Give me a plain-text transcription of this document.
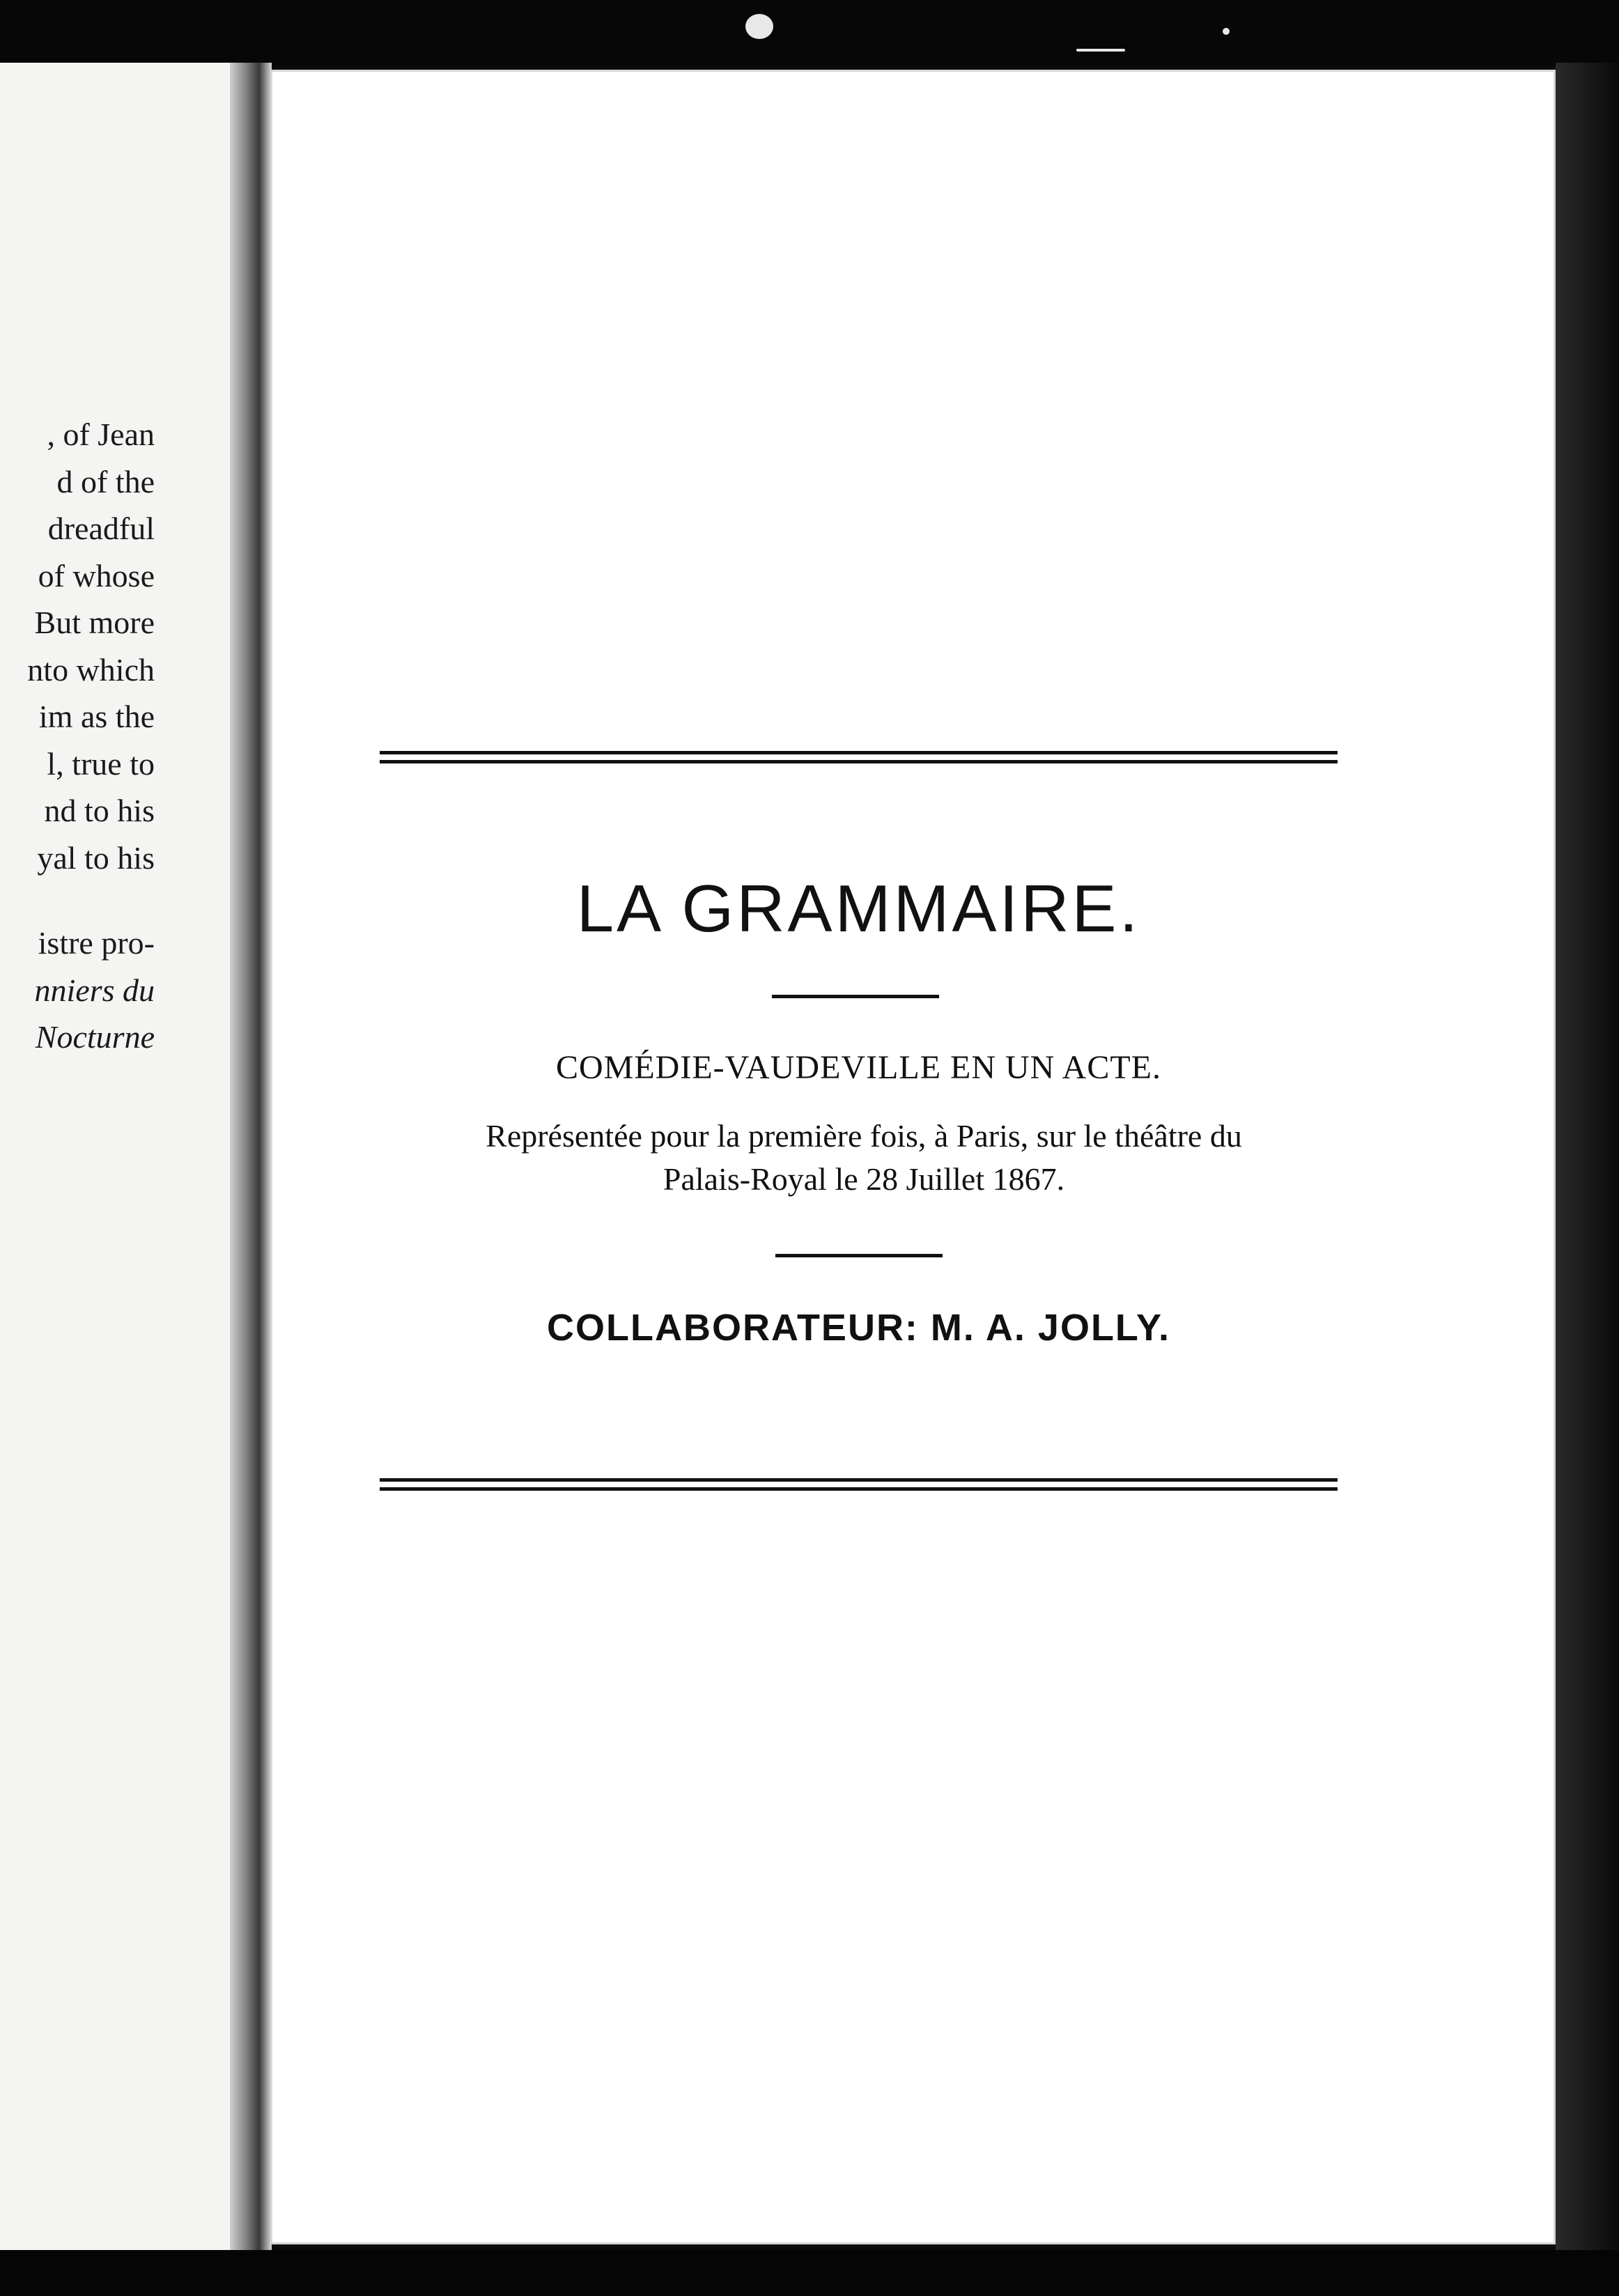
, of Jean
d of the
dreadful
of whose
But more
nto which
im as the
l, true to
nd to his
yal to his
istre pro-
nniers du
Nocturne
LA GRAMMAIRE.
COMÉDIE-VAUDEVILLE EN UN ACTE.
Représentée pour la première fois, à Paris, sur le théâtre du
Palais-Royal le 28 Juillet 1867.
COLLABORATEUR: M. A. JOLLY.
